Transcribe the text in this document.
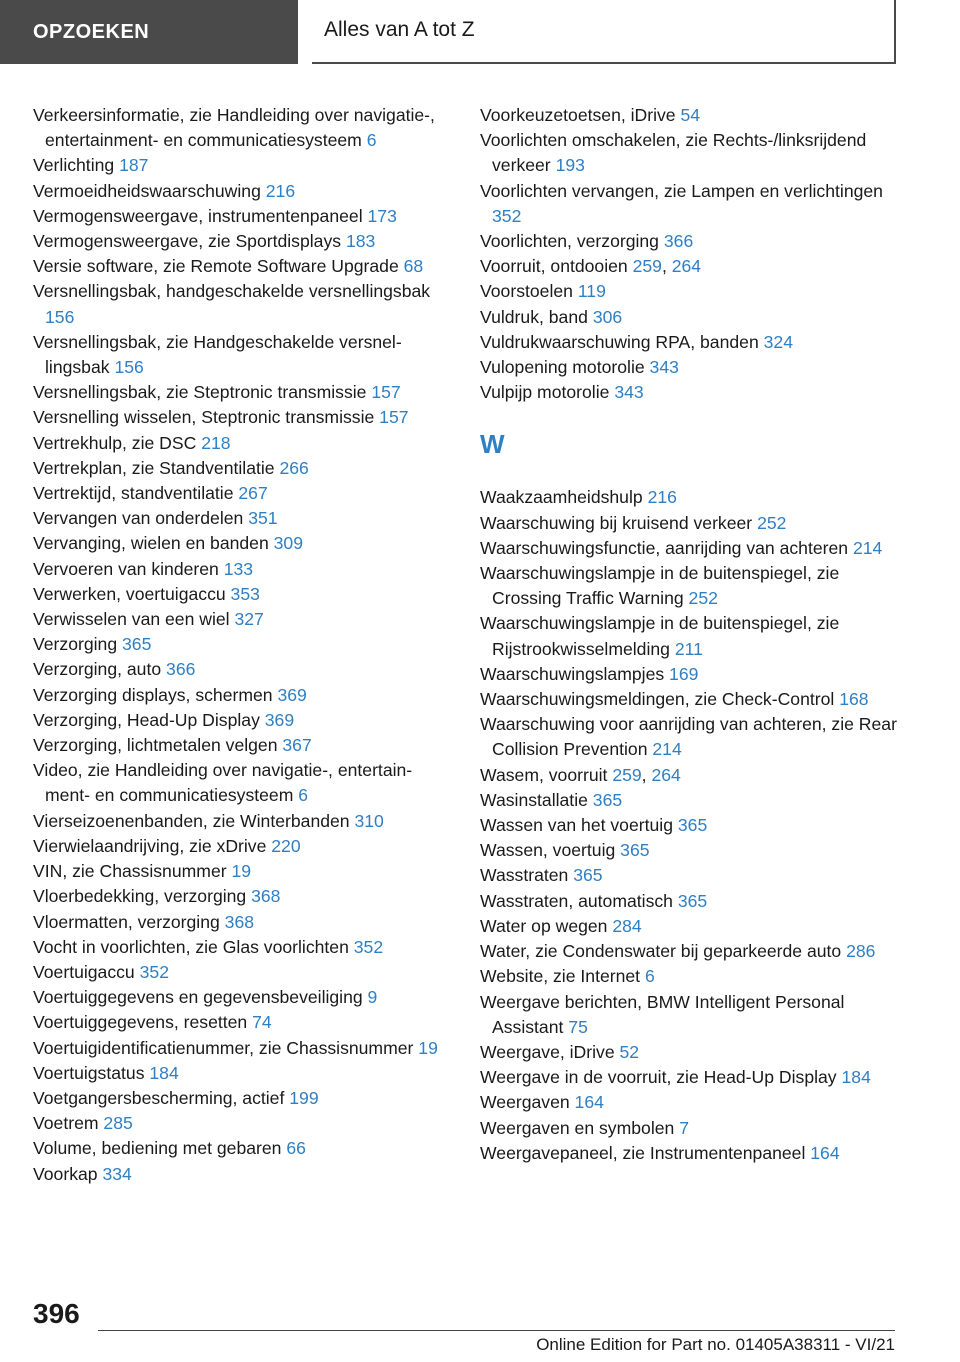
OPZOEKEN	Alles van A tot Z
Verkeersinformatie, zie Handleiding over navigatie-, entertainment- en communicatiesysteem 6
Verlichting 187
Vermoeidheidswaarschuwing 216
Vermogensweergave, instrumentenpaneel 173
Vermogensweergave, zie Sportdisplays 183
Versie software, zie Remote Software Upgrade 68
Versnellingsbak, handgeschakelde versnellingsbak 156
Versnellingsbak, zie Handgeschakelde versnellingsbak 156
Versnellingsbak, zie Steptronic transmissie 157
Versnelling wisselen, Steptronic transmissie 157
Vertrekhulp, zie DSC 218
Vertrekplan, zie Standventilatie 266
Vertrektijd, standventilatie 267
Vervangen van onderdelen 351
Vervanging, wielen en banden 309
Vervoeren van kinderen 133
Verwerken, voertuigaccu 353
Verwisselen van een wiel 327
Verzorging 365
Verzorging, auto 366
Verzorging displays, schermen 369
Verzorging, Head-Up Display 369
Verzorging, lichtmetalen velgen 367
Video, zie Handleiding over navigatie-, entertainment- en communicatiesysteem 6
Vierseizoenenbanden, zie Winterbanden 310
Vierwielaandrijving, zie xDrive 220
VIN, zie Chassisnummer 19
Vloerbedekking, verzorging 368
Vloermatten, verzorging 368
Vocht in voorlichten, zie Glas voorlichten 352
Voertuigaccu 352
Voertuiggegevens en gegevensbeveiliging 9
Voertuiggegevens, resetten 74
Voertuigidentificatienummer, zie Chassisnummer 19
Voertuigstatus 184
Voetgangersbescherming, actief 199
Voetrem 285
Volume, bediening met gebaren 66
Voorkap 334
Voorkeuzetoetsen, iDrive 54
Voorlichten omschakelen, zie Rechts-/linksrijdend verkeer 193
Voorlichten vervangen, zie Lampen en verlichtingen 352
Voorlichten, verzorging 366
Voorruit, ontdooien 259, 264
Voorstoelen 119
Vuldruk, band 306
Vuldrukwaarschuwing RPA, banden 324
Vulopening motorolie 343
Vulpijp motorolie 343
W
Waakzaamheidshulp 216
Waarschuwing bij kruisend verkeer 252
Waarschuwingsfunctie, aanrijding van achteren 214
Waarschuwingslampje in de buitenspiegel, zie Crossing Traffic Warning 252
Waarschuwingslampje in de buitenspiegel, zie Rijstrookwisselmelding 211
Waarschuwingslampjes 169
Waarschuwingsmeldingen, zie Check-Control 168
Waarschuwing voor aanrijding van achteren, zie Rear Collision Prevention 214
Wasem, voorruit 259, 264
Wasinstallatie 365
Wassen van het voertuig 365
Wassen, voertuig 365
Wasstraten 365
Wasstraten, automatisch 365
Water op wegen 284
Water, zie Condenswater bij geparkeerde auto 286
Website, zie Internet 6
Weergave berichten, BMW Intelligent Personal Assistant 75
Weergave, iDrive 52
Weergave in de voorruit, zie Head-Up Display 184
Weergaven 164
Weergaven en symbolen 7
Weergavepaneel, zie Instrumentenpaneel 164
396
Online Edition for Part no. 01405A38311 - VI/21
